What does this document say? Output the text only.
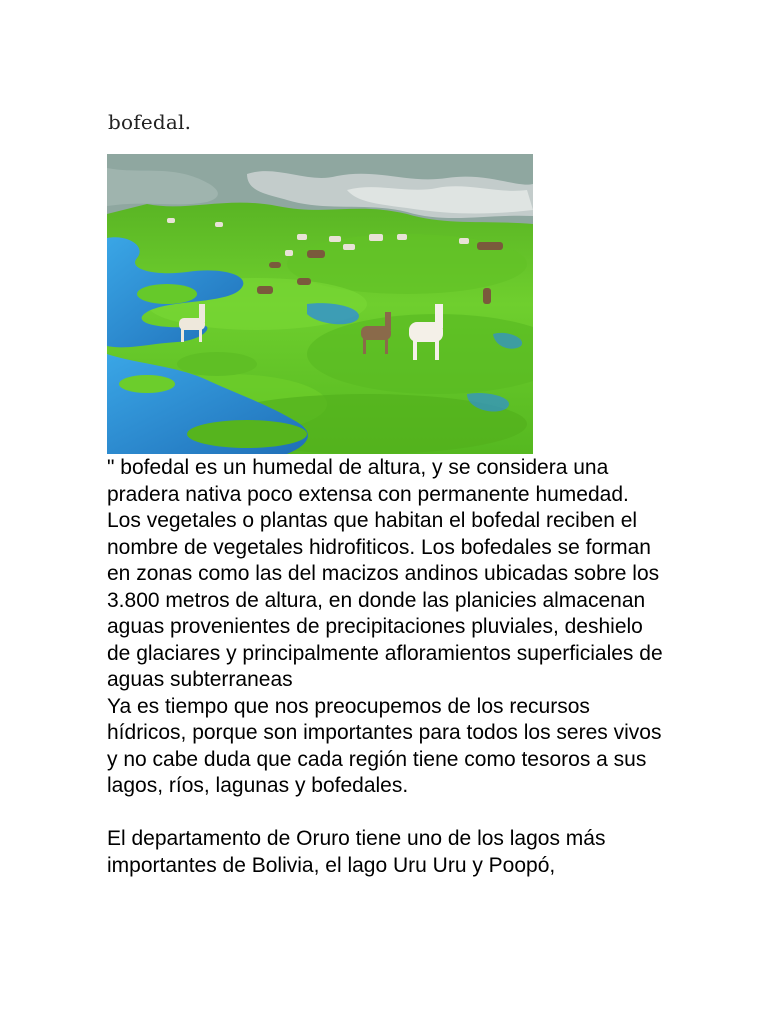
bofedal.

" bofedal es un humedal de altura, y se considera una pradera nativa poco extensa con permanente humedad. Los vegetales o plantas que habitan el bofedal reciben el nombre de vegetales hidrofiticos. Los bofedales se forman en zonas como las del macizos andinos ubicadas sobre los 3.800 metros de altura, en donde las planicies almacenan aguas provenientes de precipitaciones pluviales, deshielo de glaciares y principalmente afloramientos superficiales de aguas subterraneas

Ya es tiempo que nos preocupemos de los recursos hídricos, porque son importantes para todos los seres vivos y no cabe duda que cada región tiene como tesoros a sus lagos, ríos, lagunas y bofedales.

El departamento de Oruro tiene uno de los lagos más importantes de Bolivia, el lago Uru Uru y Poopó,
